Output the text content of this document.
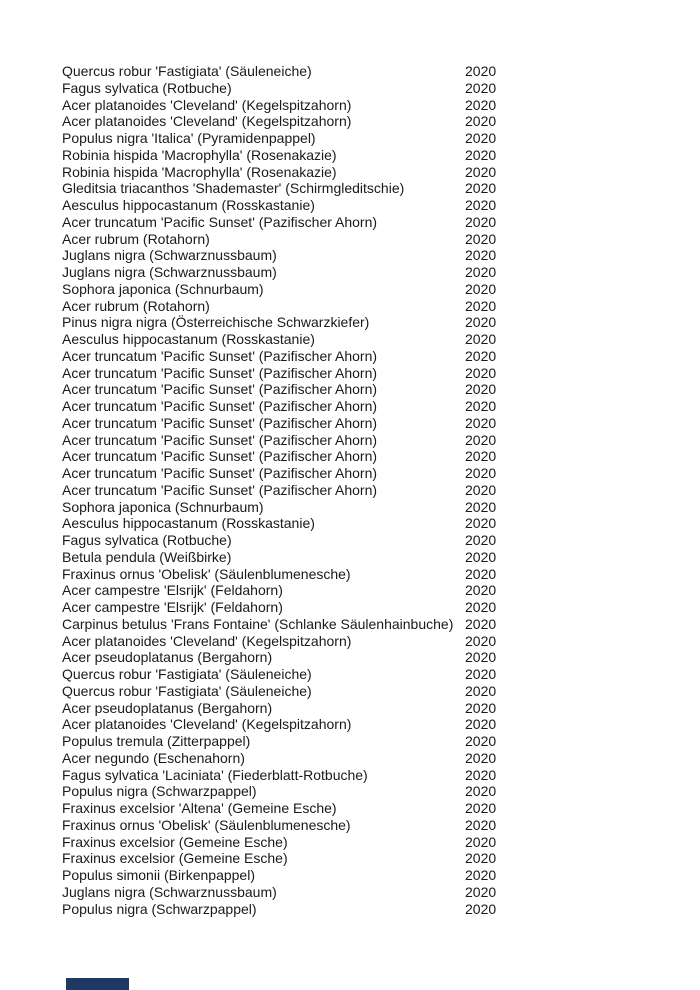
Quercus robur 'Fastigiata' (Säuleneiche)	2020
Fagus sylvatica (Rotbuche)	2020
Acer platanoides 'Cleveland' (Kegelspitzahorn)	2020
Acer platanoides 'Cleveland' (Kegelspitzahorn)	2020
Populus nigra 'Italica' (Pyramidenpappel)	2020
Robinia hispida 'Macrophylla' (Rosenakazie)	2020
Robinia hispida 'Macrophylla' (Rosenakazie)	2020
Gleditsia triacanthos 'Shademaster' (Schirmgleditschie)	2020
Aesculus hippocastanum (Rosskastanie)	2020
Acer truncatum 'Pacific Sunset' (Pazifischer Ahorn)	2020
Acer rubrum (Rotahorn)	2020
Juglans nigra (Schwarznussbaum)	2020
Juglans nigra (Schwarznussbaum)	2020
Sophora japonica (Schnurbaum)	2020
Acer rubrum (Rotahorn)	2020
Pinus nigra nigra (Österreichische Schwarzkiefer)	2020
Aesculus hippocastanum (Rosskastanie)	2020
Acer truncatum 'Pacific Sunset' (Pazifischer Ahorn)	2020
Acer truncatum 'Pacific Sunset' (Pazifischer Ahorn)	2020
Acer truncatum 'Pacific Sunset' (Pazifischer Ahorn)	2020
Acer truncatum 'Pacific Sunset' (Pazifischer Ahorn)	2020
Acer truncatum 'Pacific Sunset' (Pazifischer Ahorn)	2020
Acer truncatum 'Pacific Sunset' (Pazifischer Ahorn)	2020
Acer truncatum 'Pacific Sunset' (Pazifischer Ahorn)	2020
Acer truncatum 'Pacific Sunset' (Pazifischer Ahorn)	2020
Acer truncatum 'Pacific Sunset' (Pazifischer Ahorn)	2020
Sophora japonica (Schnurbaum)	2020
Aesculus hippocastanum (Rosskastanie)	2020
Fagus sylvatica (Rotbuche)	2020
Betula pendula (Weißbirke)	2020
Fraxinus ornus 'Obelisk' (Säulenblumenesche)	2020
Acer campestre 'Elsrijk' (Feldahorn)	2020
Acer campestre 'Elsrijk' (Feldahorn)	2020
Carpinus betulus 'Frans Fontaine' (Schlanke Säulenhainbuche) 2020
Acer platanoides 'Cleveland' (Kegelspitzahorn)	2020
Acer pseudoplatanus (Bergahorn)	2020
Quercus robur 'Fastigiata' (Säuleneiche)	2020
Quercus robur 'Fastigiata' (Säuleneiche)	2020
Acer pseudoplatanus (Bergahorn)	2020
Acer platanoides 'Cleveland' (Kegelspitzahorn)	2020
Populus tremula (Zitterpappel)	2020
Acer negundo (Eschenahorn)	2020
Fagus sylvatica 'Laciniata' (Fiederblatt-Rotbuche)	2020
Populus nigra (Schwarzpappel)	2020
Fraxinus excelsior 'Altena' (Gemeine Esche)	2020
Fraxinus ornus 'Obelisk' (Säulenblumenesche)	2020
Fraxinus excelsior (Gemeine Esche)	2020
Fraxinus excelsior (Gemeine Esche)	2020
Populus simonii (Birkenpappel)	2020
Juglans nigra (Schwarznussbaum)	2020
Populus nigra (Schwarzpappel)	2020
